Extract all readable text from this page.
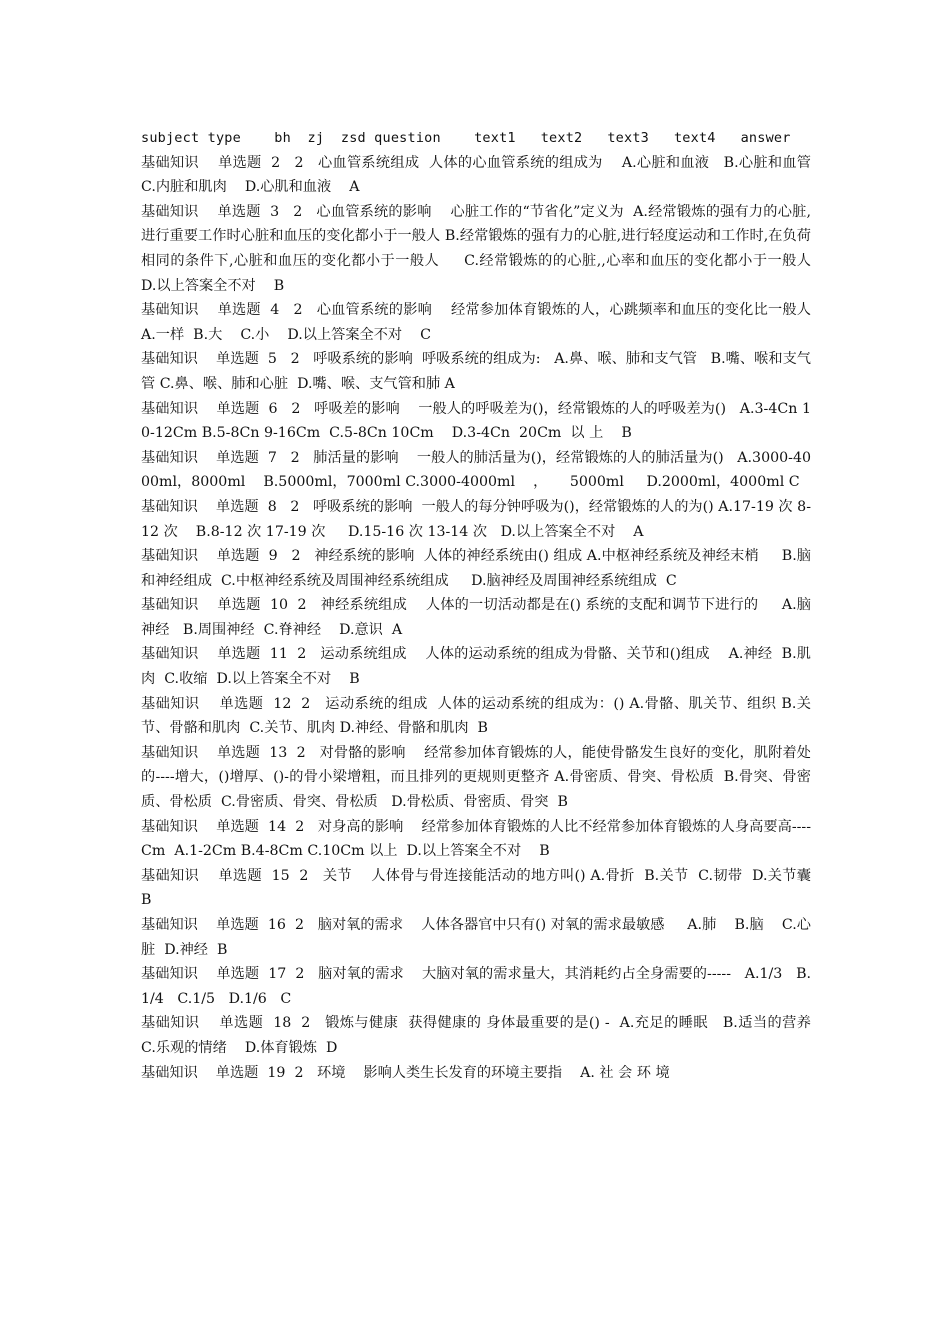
subject type    bh  zj  zsd question    text1   text2   text3   text4   answer
基础知识    单选题  2   2   心血管系统组成  人体的心血管系统的组成为    A.心脏和血液   B.心脏和血管    C.内脏和肌肉    D.心肌和血液    A
基础知识    单选题  3   2   心血管系统的影响    心脏工作的“节省化”定义为  A.经常锻炼的强有力的心脏,进行重要工作时心脏和血压的变化都小于一般人 B.经常锻炼的强有力的心脏,进行轻度运动和工作时,在负荷相同的条件下,心脏和血压的变化都小于一般人     C.经常锻炼的的心脏,,心率和血压的变化都小于一般人     D.以上答案全不对    B
基础知识    单选题  4   2   心血管系统的影响    经常参加体育锻炼的人，心跳频率和血压的变化比一般人  A.一样  B.大    C.小    D.以上答案全不对    C
基础知识    单选题  5   2   呼吸系统的影响  呼吸系统的组成为:   A.鼻、喉、肺和支气管   B.嘴、喉和支气管 C.鼻、喉、肺和心脏  D.嘴、喉、支气管和肺 A
基础知识    单选题  6   2   呼吸差的影响    一般人的呼吸差为()，经常锻炼的人的呼吸差为()   A.3-4Cn 10-12Cm B.5-8Cn 9-16Cm  C.5-8Cn 10Cm    D.3-4Cn  20Cm  以 上    B
基础知识    单选题  7   2   肺活量的影响    一般人的肺活量为()，经常锻炼的人的肺活量为()   A.3000-4000ml，8000ml    B.5000ml，7000ml C.3000-4000ml    ，     5000ml     D.2000ml，4000ml C
基础知识    单选题  8   2   呼吸系统的影响  一般人的每分钟呼吸为()，经常锻炼的人的为() A.17-19 次 8-12 次    B.8-12 次 17-19 次     D.15-16 次 13-14 次   D.以上答案全不对    A
基础知识    单选题  9   2   神经系统的影响  人体的神经系统由() 组成 A.中枢神经系统及神经末梢     B.脑和神经组成  C.中枢神经系统及周围神经系统组成     D.脑神经及周围神经系统组成  C
基础知识    单选题  10  2   神经系统组成    人体的一切活动都是在() 系统的支配和调节下进行的     A.脑神经   B.周围神经  C.脊神经    D.意识  A
基础知识    单选题  11  2   运动系统组成    人体的运动系统的组成为骨骼、关节和()组成    A.神经  B.肌肉  C.收缩  D.以上答案全不对    B
基础知识    单选题  12  2   运动系统的组成  人体的运动系统的组成为：() A.骨骼、肌关节、组织 B.关节、骨骼和肌肉  C.关节、肌肉 D.神经、骨骼和肌肉  B
基础知识    单选题  13  2   对骨骼的影响    经常参加体育锻炼的人，能使骨骼发生良好的变化，肌附着处的----增大，()增厚、()-的骨小梁增粗，而且排列的更规则更整齐 A.骨密质、骨突、骨松质  B.骨突、骨密质、骨松质  C.骨密质、骨突、骨松质   D.骨松质、骨密质、骨突  B
基础知识    单选题  14  2   对身高的影响    经常参加体育锻炼的人比不经常参加体育锻炼的人身高要高----Cm  A.1-2Cm B.4-8Cm C.10Cm 以上  D.以上答案全不对    B
基础知识    单选题  15  2   关节    人体骨与骨连接能活动的地方叫() A.骨折  B.关节  C.韧带  D.关节囊    B
基础知识    单选题  16  2   脑对氧的需求    人体各器官中只有() 对氧的需求最敏感     A.肺    B.脑    C.心脏  D.神经  B
基础知识    单选题  17  2   脑对氧的需求    大脑对氧的需求量大，其消耗约占全身需要的-----   A.1/3   B.1/4   C.1/5   D.1/6   C
基础知识    单选题  18  2   锻炼与健康  获得健康的 身体最重要的是() -  A.充足的睡眠   B.适当的营养    C.乐观的情绪    D.体育锻炼  D
基础知识    单选题  19  2   环境    影响人类生长发育的环境主要指    A. 社 会 环 境
